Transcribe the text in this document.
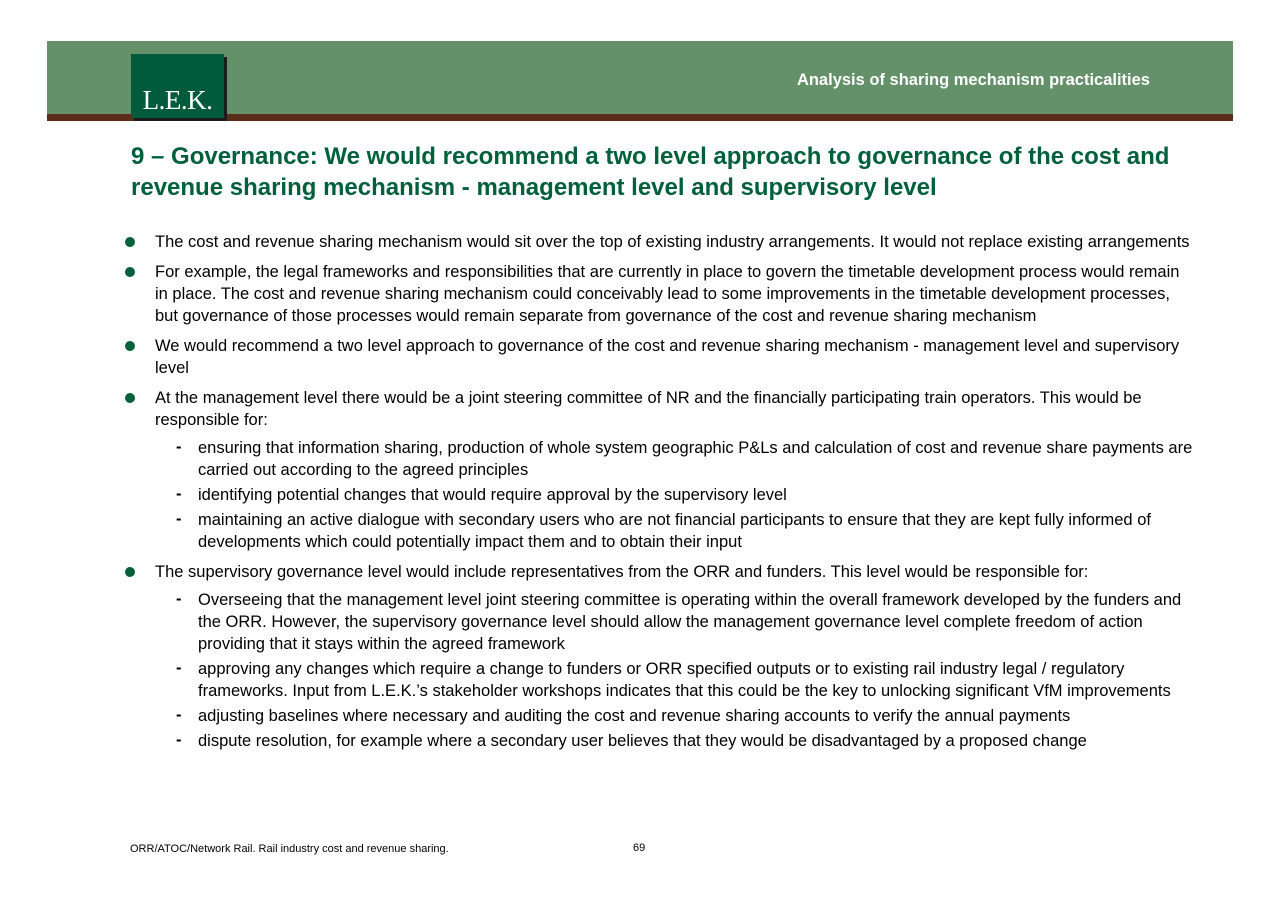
L.E.K.
Analysis of sharing mechanism practicalities
9 – Governance: We would recommend a two level approach to governance of the cost and revenue sharing mechanism - management level and supervisory level
The cost and revenue sharing mechanism would sit over the top of existing industry arrangements. It would not replace existing arrangements
For example, the legal frameworks and responsibilities that are currently in place to govern the timetable development process would remain in place. The cost and revenue sharing mechanism could conceivably lead to some improvements in the timetable development processes, but governance of those processes would remain separate from governance of the cost and revenue sharing mechanism
We would recommend a two level approach to governance of the cost and revenue sharing mechanism - management level and supervisory level
At the management level there would be a joint steering committee of NR and the financially participating train operators. This would be responsible for:
- ensuring that information sharing, production of whole system geographic P&Ls and calculation of cost and revenue share payments are carried out according to the agreed principles
- identifying potential changes that would require approval by the supervisory level
- maintaining an active dialogue with secondary users who are not financial participants to ensure that they are kept fully informed of developments which could potentially impact them and to obtain their input
The supervisory governance level would include representatives from the ORR and funders. This level would be responsible for:
- Overseeing that the management level joint steering committee is operating within the overall framework developed by the funders and the ORR. However, the supervisory governance level should allow the management governance level complete freedom of action providing that it stays within the agreed framework
- approving any changes which require a change to funders or ORR specified outputs or to existing rail industry legal / regulatory frameworks. Input from L.E.K.’s stakeholder workshops indicates that this could be the key to unlocking significant VfM improvements
- adjusting baselines where necessary and auditing the cost and revenue sharing accounts to verify the annual payments
- dispute resolution, for example where a secondary user believes that they would be disadvantaged by a proposed change
ORR/ATOC/Network Rail. Rail industry cost and revenue sharing.	69
